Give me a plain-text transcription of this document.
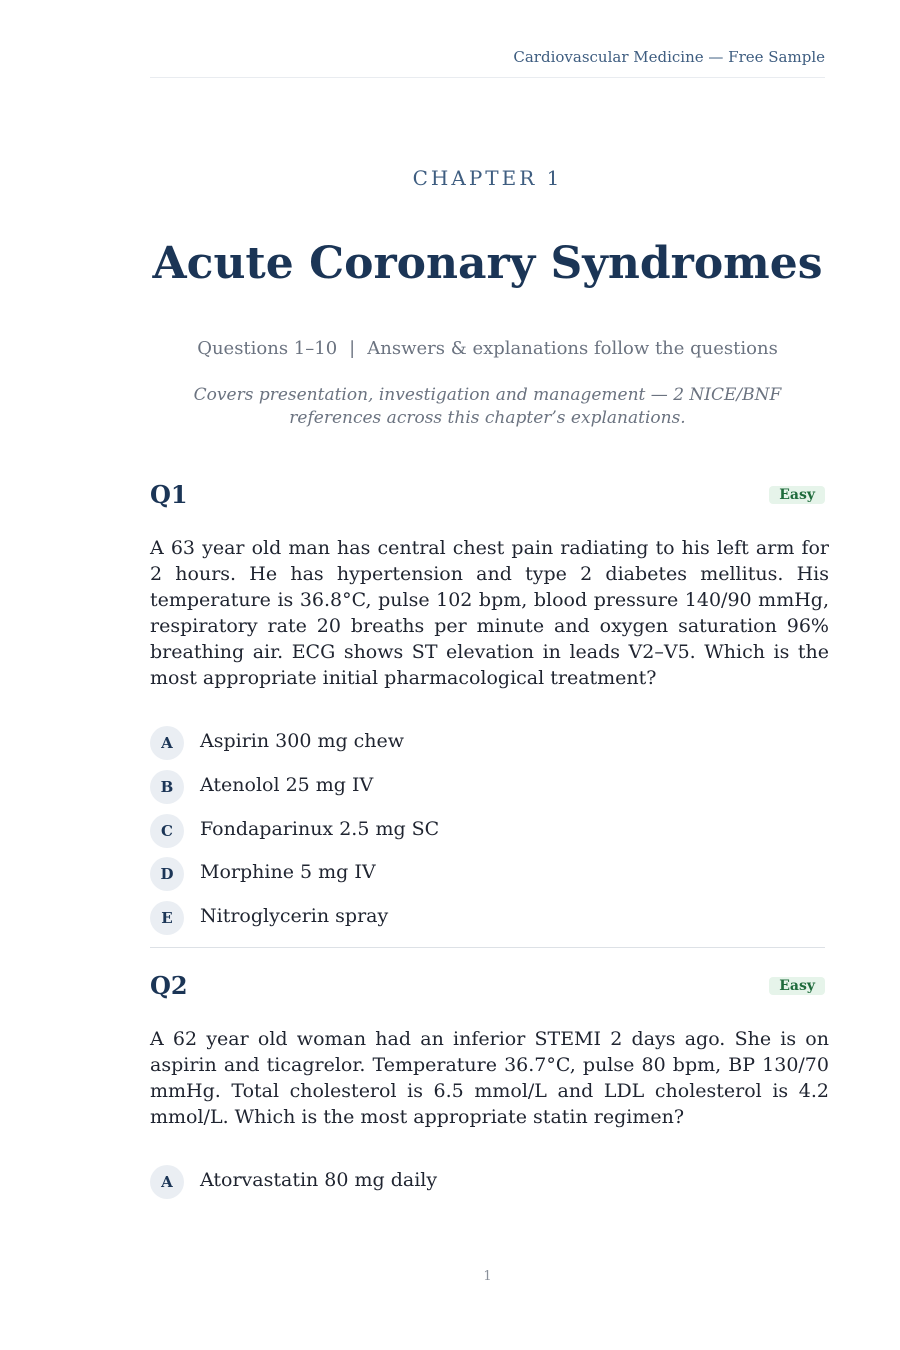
Cardiovascular Medicine — Free Sample
CHAPTER 1
Acute Coronary Syndromes
Questions 1–10 | Answers & explanations follow the questions
Covers presentation, investigation and management — 2 NICE/BNF references across this chapter’s explanations.
Q1	Easy
A 63 year old man has central chest pain radiating to his left arm for 2 hours. He has hypertension and type 2 diabetes mellitus. His temperature is 36.8°C, pulse 102 bpm, blood pressure 140/90 mmHg, respiratory rate 20 breaths per minute and oxygen saturation 96% breathing air. ECG shows ST elevation in leads V2–V5. Which is the most appropriate initial pharmacological treatment?
A	Aspirin 300 mg chew
B	Atenolol 25 mg IV
C	Fondaparinux 2.5 mg SC
D	Morphine 5 mg IV
E	Nitroglycerin spray
Q2	Easy
A 62 year old woman had an inferior STEMI 2 days ago. She is on aspirin and ticagrelor. Temperature 36.7°C, pulse 80 bpm, BP 130/70 mmHg. Total cholesterol is 6.5 mmol/L and LDL cholesterol is 4.2 mmol/L. Which is the most appropriate statin regimen?
A	Atorvastatin 80 mg daily
1
